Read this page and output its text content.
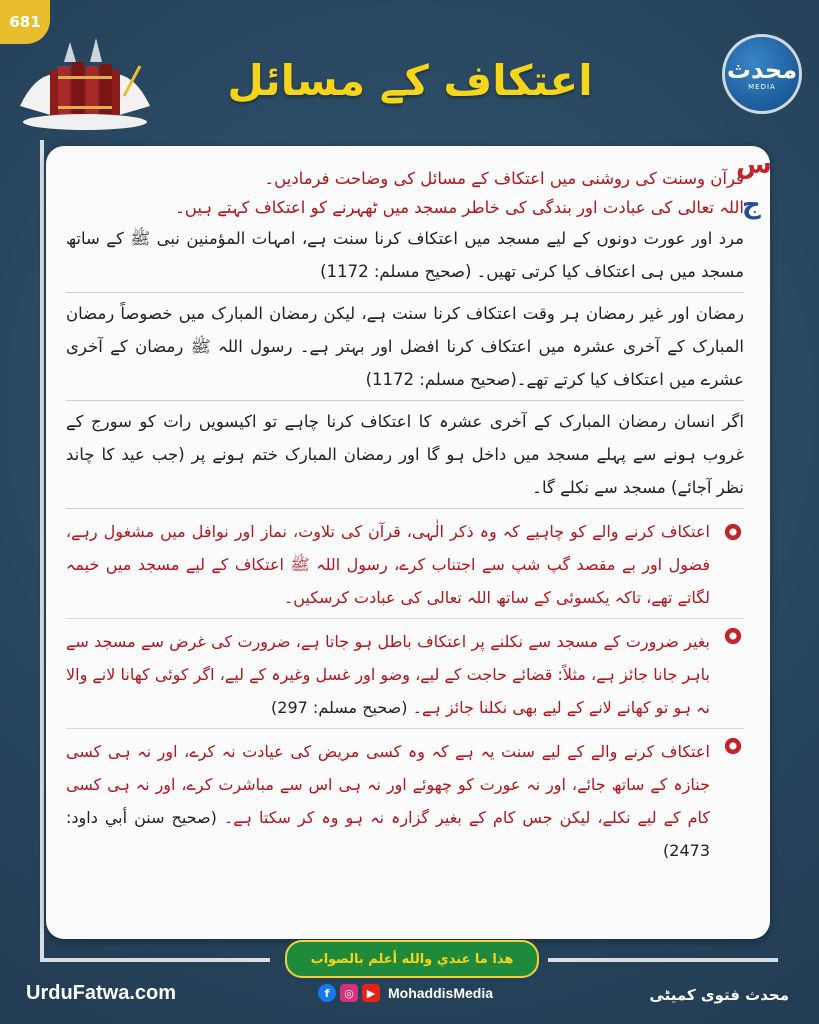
681
اعتکاف کے مسائل	محدث
MEDIA
قرآن وسنت کی روشنی میں اعتکاف کے مسائل کی وضاحت فرمادیں۔
اللہ تعالی کی عبادت اور بندگی کی خاطر مسجد میں ٹھہرنے کو اعتکاف کہتے ہیں۔

مرد اور عورت دونوں کے لیے مسجد میں اعتکاف کرنا سنت ہے، امہات المؤمنین نبی ﷺ کے ساتھ مسجد میں ہی اعتکاف کیا کرتی تھیں۔ (صحیح مسلم: 1172)

رمضان اور غیر رمضان ہر وقت اعتکاف کرنا سنت ہے، لیکن رمضان المبارک میں خصوصاً رمضان المبارک کے آخری عشرہ میں اعتکاف کرنا افضل اور بہتر ہے۔ رسول اللہ ﷺ رمضان کے آخری عشرے میں اعتکاف کیا کرتے تھے۔(صحیح مسلم: 1172)

اگر انسان رمضان المبارک کے آخری عشرہ کا اعتکاف کرنا چاہے تو اکیسویں رات کو سورج کے غروب ہونے سے پہلے مسجد میں داخل ہو گا اور رمضان المبارک ختم ہونے پر (جب عید کا چاند نظر آجائے) مسجد سے نکلے گا۔

اعتکاف کرنے والے کو چاہیے کہ وہ ذکر الٰہی، قرآن کی تلاوت، نماز اور نوافل میں مشغول رہے، فضول اور بے مقصد گپ شپ سے اجتناب کرے، رسول اللہ ﷺ اعتکاف کے لیے مسجد میں خیمہ لگاتے تھے، تاکہ یکسوئی کے ساتھ اللہ تعالی کی عبادت کرسکیں۔
بغیر ضرورت کے مسجد سے نکلنے پر اعتکاف باطل ہو جاتا ہے، ضرورت کی غرض سے مسجد سے باہر جانا جائز ہے، مثلاً: قضائے حاجت کے لیے، وضو اور غسل وغیرہ کے لیے، اگر کوئی کھانا لانے والا نہ ہو تو کھانے لانے کے لیے بھی نکلنا جائز ہے۔ (صحیح مسلم: 297)
اعتکاف کرنے والے کے لیے سنت یہ ہے کہ وہ کسی مریض کی عیادت نہ کرے، اور نہ ہی کسی جنازہ کے ساتھ جائے، اور نہ عورت کو چھوئے اور نہ ہی اس سے مباشرت کرے، اور نہ ہی کسی کام کے لیے نکلے، لیکن جس کام کے بغیر گزارہ نہ ہو وہ کر سکتا ہے۔ (صحیح سنن أبي داود: 2473)
س
ج
هذا ما عندي والله أعلم بالصواب
UrduFatwa.com	f	◎	▶ MohaddisMedia	محدث فتوی کمیٹی
